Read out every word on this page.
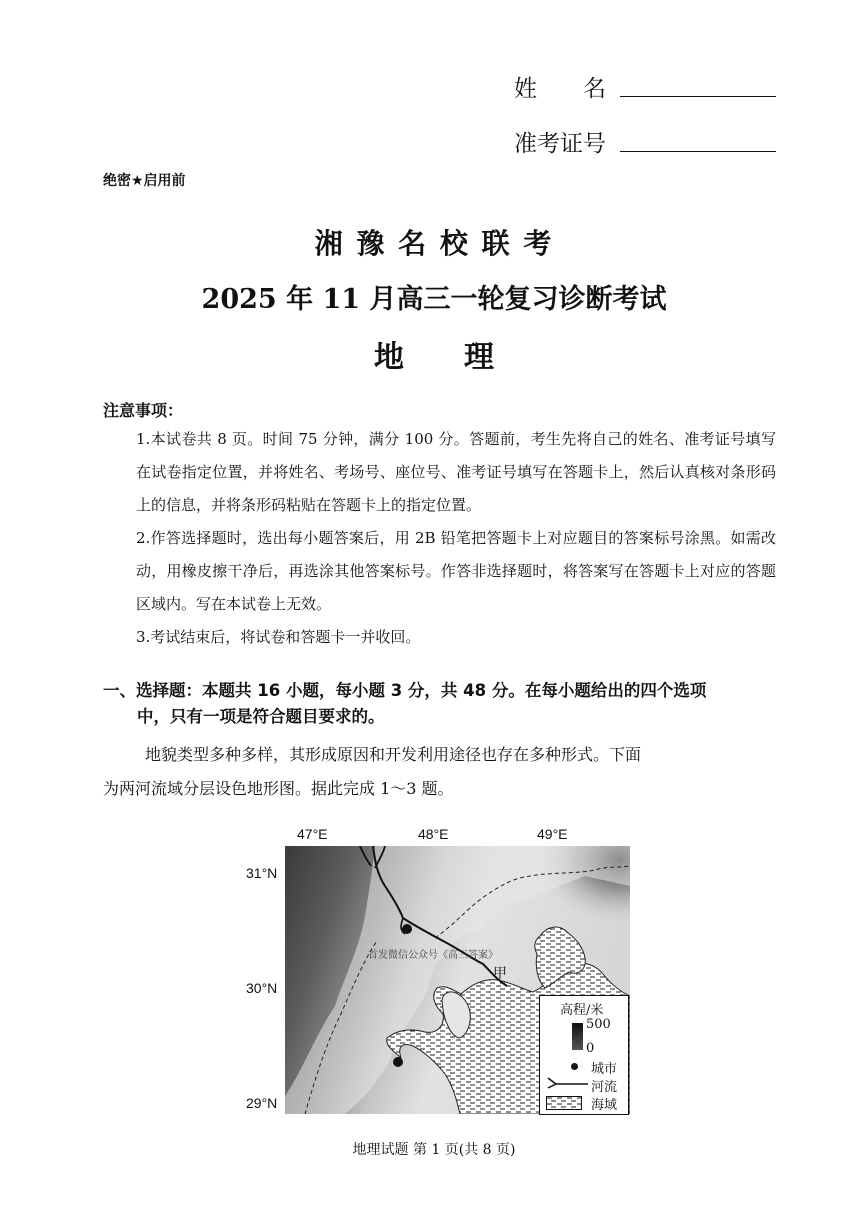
姓　　名
准考证号
绝密★启用前
湘 豫 名 校 联 考
2025 年 11 月高三一轮复习诊断考试
地　　理
注意事项：

1.本试卷共 8 页。时间 75 分钟，满分 100 分。答题前，考生先将自己的姓名、准考证号填写在试卷指定位置，并将姓名、考场号、座位号、准考证号填写在答题卡上，然后认真核对条形码上的信息，并将条形码粘贴在答题卡上的指定位置。

2.作答选择题时，选出每小题答案后，用 2B 铅笔把答题卡上对应题目的答案标号涂黑。如需改动，用橡皮擦干净后，再选涂其他答案标号。作答非选择题时，将答案写在答题卡上对应的答题区域内。写在本试卷上无效。

3.考试结束后，将试卷和答题卡一并收回。

一、选择题：本题共 16 小题，每小题 3 分，共 48 分。在每小题给出的四个选项
中，只有一项是符合题目要求的。
地貌类型多种多样，其形成原因和开发利用途径也存在多种形式。下面
为两河流域分层设色地形图。据此完成 1～3 题。
47°E	48°E	49°E
31°N
30°N
29°N
甲
首发微信公众号《高三答案》
高程/米
500
0
城市
河流
海域
地理试题 第 1 页(共 8 页)
